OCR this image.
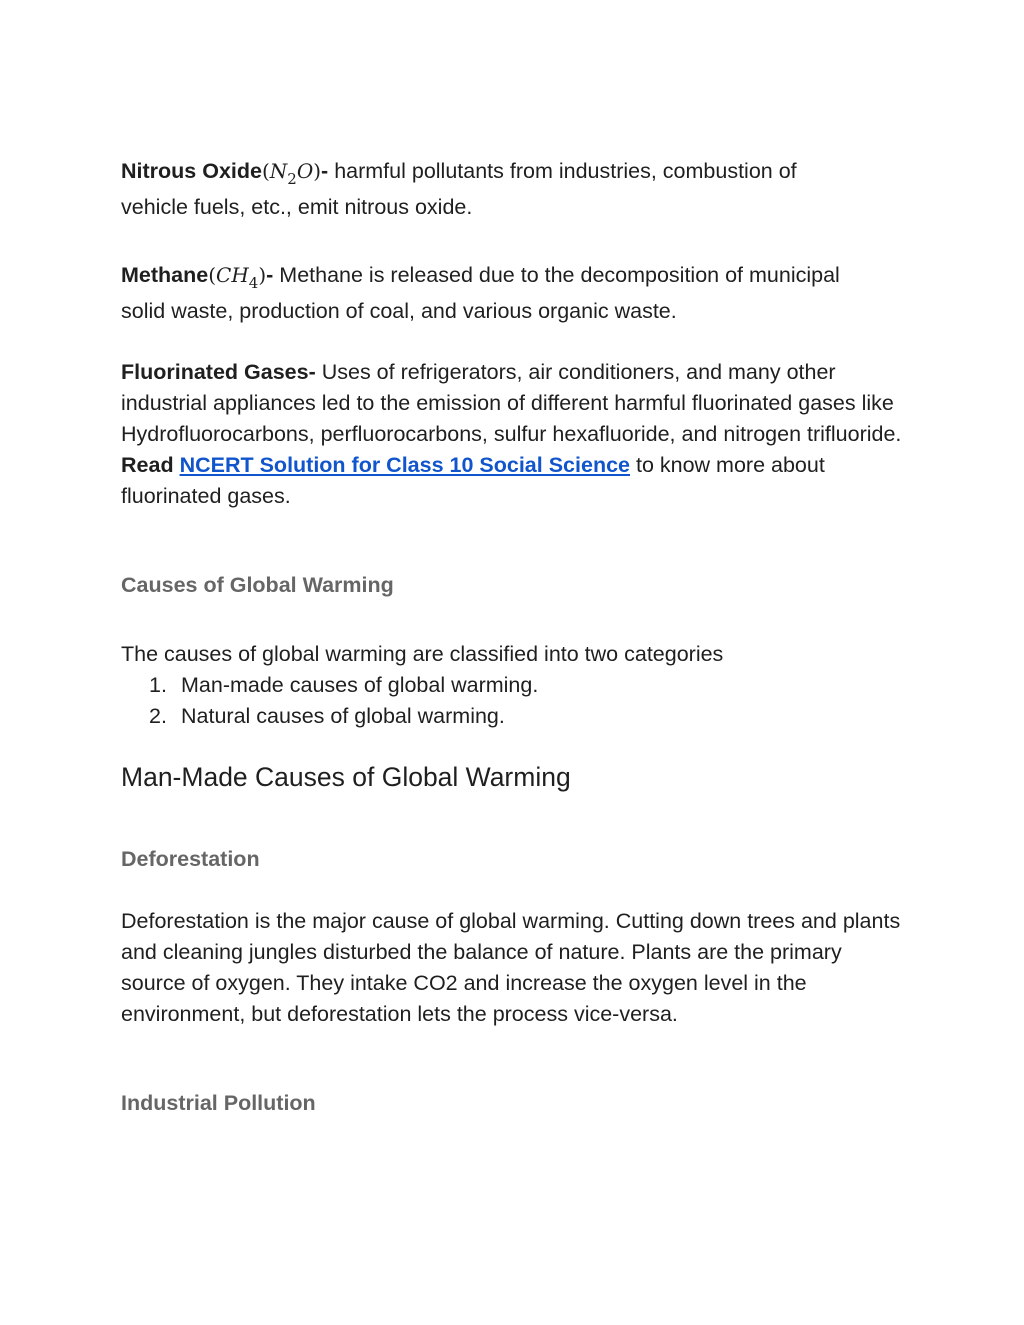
Nitrous $Oxide(N_2O)-$ harmful pollutants from industries, combustion of
vehicle fuels, etc., emit nitrous oxide.
$Methane(CH_4)-$ Methane is released due to the decomposition of municipal
solid waste, production of coal, and various organic waste.

Fluorinated Gases- Uses of refrigerators, air conditioners, and many other industrial appliances led to the emission of different harmful fluorinated gases like Hydrofluorocarbons, perfluorocarbons, sulfur hexafluoride, and nitrogen trifluoride. Read NCERT Solution for Class 10 Social Science to know more about fluorinated gases.

Causes of Global Warming

The causes of global warming are classified into two categories

1. Man-made causes of global warming.
2. Natural causes of global warming.
Man-Made Causes of Global Warming
Deforestation

Deforestation is the major cause of global warming. Cutting down trees and plants and cleaning jungles disturbed the balance of nature. Plants are the primary source of oxygen. They intake CO2 and increase the oxygen level in the environment, but deforestation lets the process vice-versa.

Industrial Pollution
